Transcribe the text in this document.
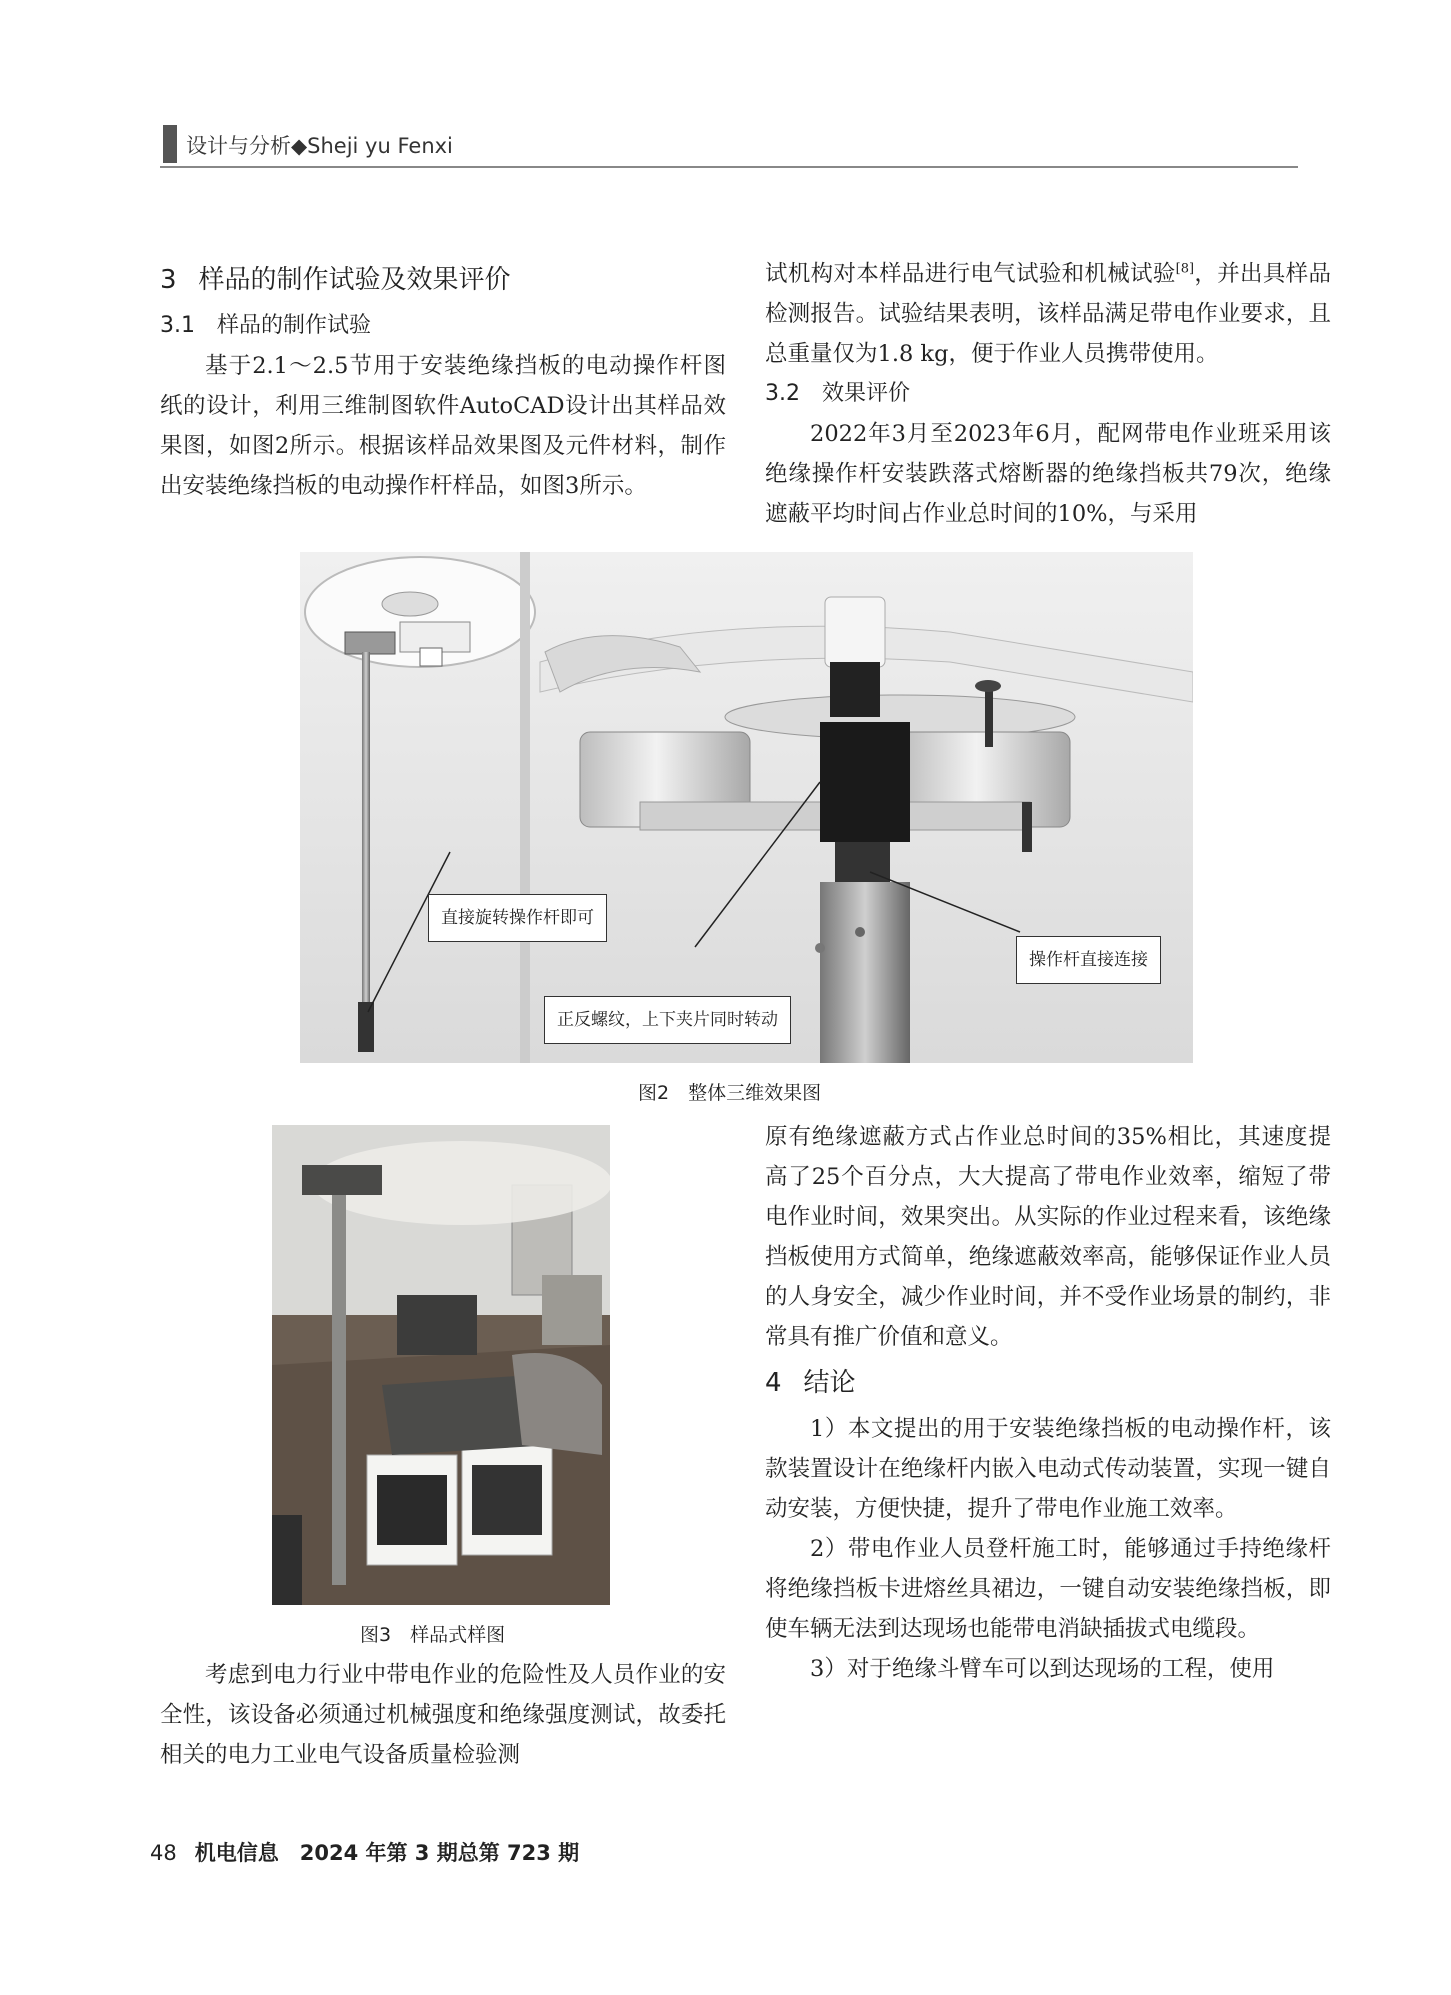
设计与分析◆Sheji yu Fenxi
3 样品的制作试验及效果评价
3.1 样品的制作试验

基于2.1～2.5节用于安装绝缘挡板的电动操作杆图纸的设计，利用三维制图软件AutoCAD设计出其样品效果图，如图2所示。根据该样品效果图及元件材料，制作出安装绝缘挡板的电动操作杆样品，如图3所示。

试机构对本样品进行电气试验和机械试验[8]，并出具样品检测报告。试验结果表明，该样品满足带电作业要求，且总重量仅为1.8 kg，便于作业人员携带使用。

3.2 效果评价

2022年3月至2023年6月，配网带电作业班采用该绝缘操作杆安装跌落式熔断器的绝缘挡板共79次，绝缘遮蔽平均时间占作业总时间的10%，与采用

直接旋转操作杆即可
正反螺纹，上下夹片同时转动
操作杆直接连接
图2　整体三维效果图
图3　样品式样图

考虑到电力行业中带电作业的危险性及人员作业的安全性，该设备必须通过机械强度和绝缘强度测试，故委托相关的电力工业电气设备质量检验测

原有绝缘遮蔽方式占作业总时间的35%相比，其速度提高了25个百分点，大大提高了带电作业效率，缩短了带电作业时间，效果突出。从实际的作业过程来看，该绝缘挡板使用方式简单，绝缘遮蔽效率高，能够保证作业人员的人身安全，减少作业时间，并不受作业场景的制约，非常具有推广价值和意义。

4 结论

1）本文提出的用于安装绝缘挡板的电动操作杆，该款装置设计在绝缘杆内嵌入电动式传动装置，实现一键自动安装，方便快捷，提升了带电作业施工效率。

2）带电作业人员登杆施工时，能够通过手持绝缘杆将绝缘挡板卡进熔丝具裙边，一键自动安装绝缘挡板，即使车辆无法到达现场也能带电消缺插拔式电缆段。

3）对于绝缘斗臂车可以到达现场的工程，使用

48 机电信息　2024 年第 3 期总第 723 期
